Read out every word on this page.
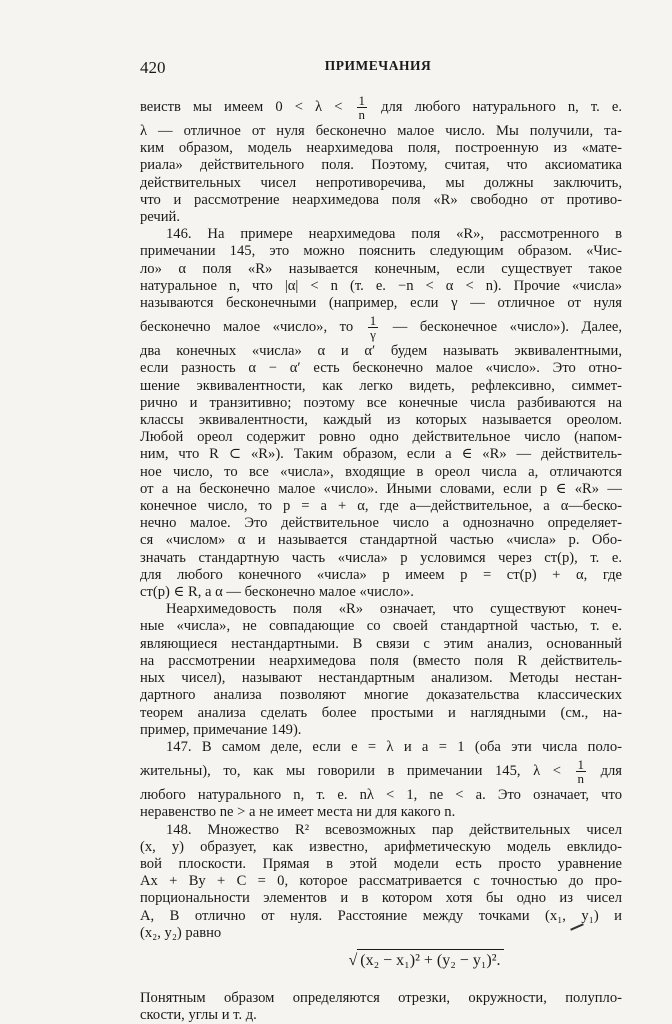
420	ПРИМЕЧАНИЯ
веиств мы имеем $0 < \lambda < \frac{1}{n}$ для любого натурального n, т. е.
λ — отличное от нуля бесконечно малое число. Мы получили, та-
ким образом, модель неархимедова поля, построенную из «мате-
риала» действительного поля. Поэтому, считая, что аксиоматика
действительных чисел непротиворечива, мы должны заключить,
что и рассмотрение неархимедова поля «R» свободно от противо-
речий.
146. На примере неархимедова поля «R», рассмотренного в
примечании 145, это можно пояснить следующим образом. «Чис-
ло» α поля «R» называется конечным, если существует такое
натуральное n, что |α| < n (т. е. −n < α < n). Прочие «числа»
называются бесконечными (например, если γ — отличное от нуля
бесконечно малое «число», то $\frac{1}{\gamma}$ — бесконечное «число»). Далее,
два конечных «числа» α и α′ будем называть эквивалентными,
если разность α − α′ есть бесконечно малое «число». Это отно-
шение эквивалентности, как легко видеть, рефлексивно, симмет-
рично и транзитивно; поэтому все конечные числа разбиваются на
классы эквивалентности, каждый из которых называется ореолом.
Любой ореол содержит ровно одно действительное число (напом-
ним, что R ⊂ «R»). Таким образом, если a ∈ «R» — действитель-
ное число, то все «числа», входящие в ореол числа a, отличаются
от a на бесконечно малое «число». Иными словами, если p ∈ «R» —
конечное число, то p = a + α, где a—действительное, а α—беско-
нечно малое. Это действительное число a однозначно определяет-
ся «числом» α и называется стандартной частью «числа» p. Обо-
значать стандартную часть «числа» p условимся через ст(p), т. е.
для любого конечного «числа» p имеем p = ст(p) + α, где
ст(p) ∈ R, а α — бесконечно малое «число».
Неархимедовость поля «R» означает, что существуют конеч-
ные «числа», не совпадающие со своей стандартной частью, т. е.
являющиеся нестандартными. В связи с этим анализ, основанный
на рассмотрении неархимедова поля (вместо поля R действитель-
ных чисел), называют нестандартным анализом. Методы нестан-
дартного анализа позволяют многие доказательства классических
теорем анализа сделать более простыми и наглядными (см., на-
пример, примечание 149).
147. В самом деле, если e = λ и a = 1 (оба эти числа поло-
жительны), то, как мы говорили в примечании 145, $\lambda < \frac{1}{n}$ для
любого натурального n, т. е. nλ < 1, ne < a. Это означает, что
неравенство ne > a не имеет места ни для какого n.
148. Множество R² всевозможных пар действительных чисел
(x, y) образует, как известно, арифметическую модель евклидо-
вой плоскости. Прямая в этой модели есть просто уравнение
Ax + By + C = 0, которое рассматривается с точностью до про-
порциональности элементов и в котором хотя бы одно из чисел
A, B отлично от нуля. Расстояние между точками (x₁, y₁) и
(x₂, y₂) равно
√ (x₂ − x₁)² + (y₂ − y₁)².
Понятным образом определяются отрезки, окружности, полупло-
скости, углы и т. д.
